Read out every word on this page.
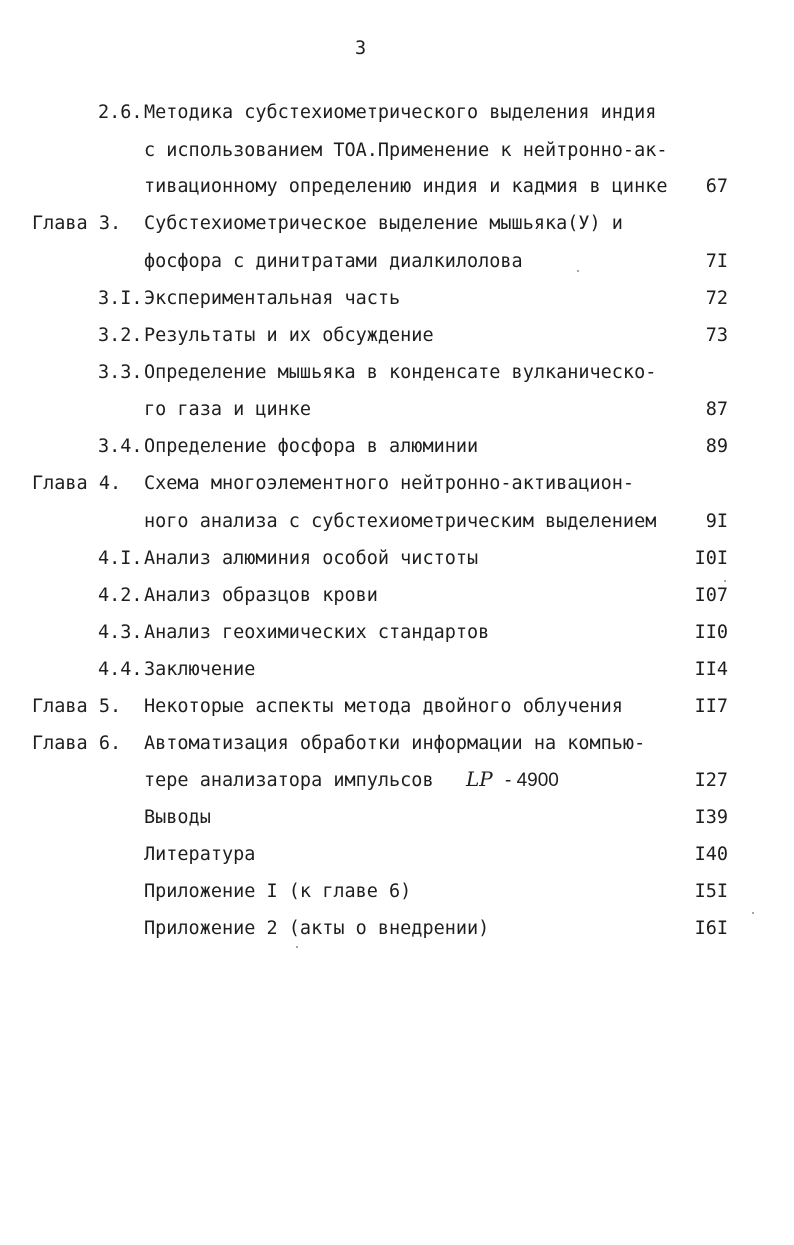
3
2.6. Методика субстехиометрического выделения индия
с использованием ТОА.Применение к нейтронно-ак-
тивационному определению индия и кадмия в цинке	67
Глава 3. Субстехиометрическое выделение мышьяка(У) и
фосфора с динитратами диалкилолова	7I
3.I. Экспериментальная часть	72
3.2. Результаты и их обсуждение	73
3.3. Определение мышьяка в конденсате вулканическо-
го газа и цинке	87
3.4. Определение фосфора в алюминии	89
Глава 4. Схема многоэлементного нейтронно-активацион-
ного анализа с субстехиометрическим выделением	9I
4.I. Анализ алюминия особой чистоты	I0I
4.2. Анализ образцов крови	I07
4.3. Анализ геохимических стандартов	II0
4.4. Заключение	II4
Глава 5. Некоторые аспекты метода двойного облучения	II7
Глава 6. Автоматизация обработки информации на компью-
тере анализатора импульсов LP - 4900	I27
Выводы	I39
Литература	I40
Приложение I (к главе 6)	I5I
Приложение 2 (акты о внедрении)	I6I
